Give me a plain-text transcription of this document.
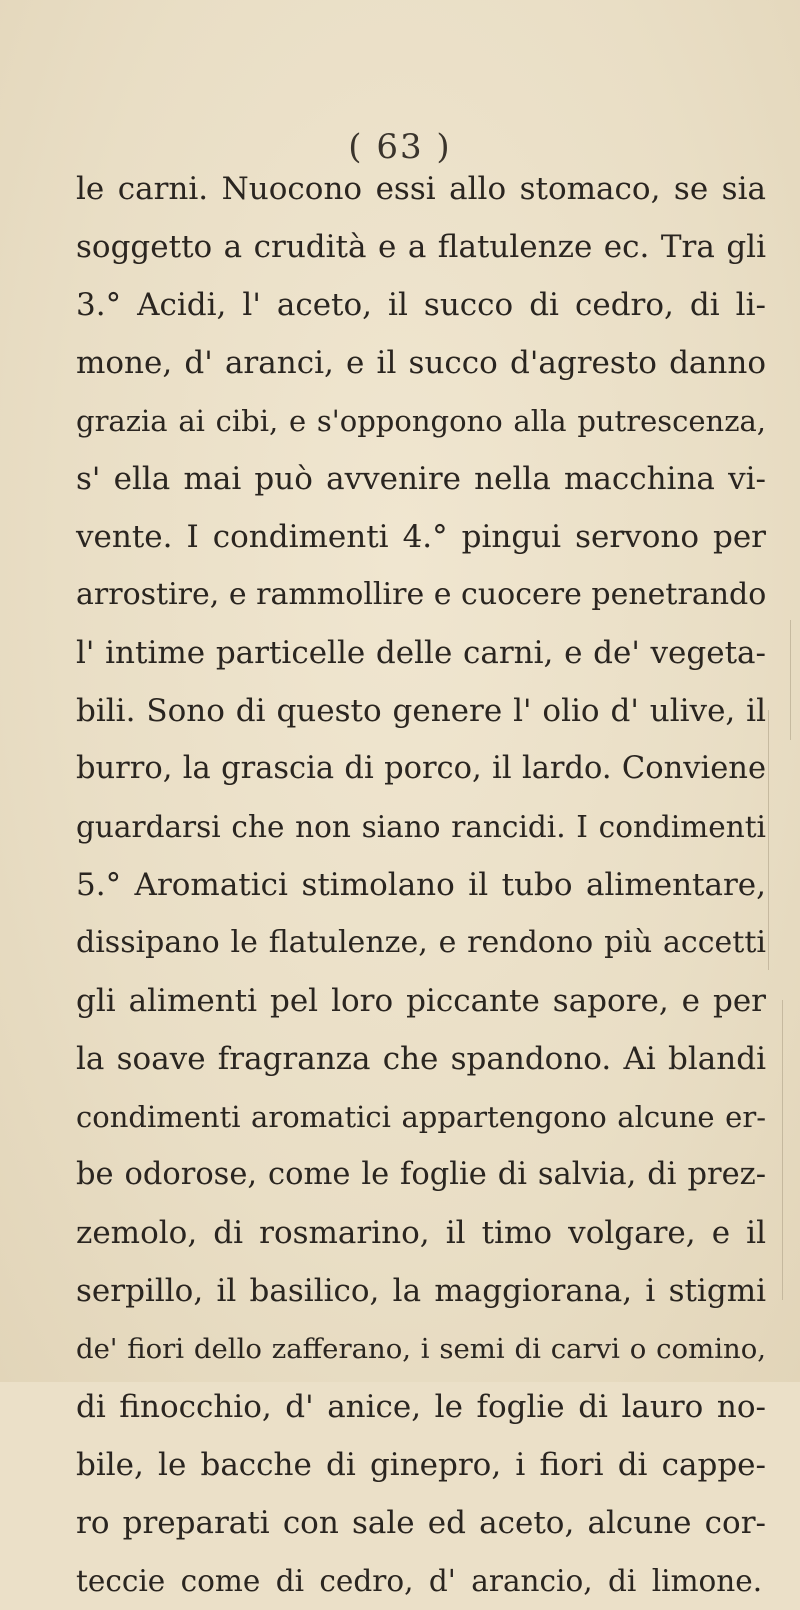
( 63 )
le carni. Nuocono essi allo stomaco, se sia
soggetto a crudità e a flatulenze ec. Tra gli
3.° Acidi, l' aceto, il succo di cedro, di li-
mone, d' aranci, e il succo d'agresto danno
grazia ai cibi, e s'oppongono alla putrescenza,
s' ella mai può avvenire nella macchina vi-
vente. I condimenti 4.° pingui servono per
arrostire, e rammollire e cuocere penetrando
l' intime particelle delle carni, e de' vegeta-
bili. Sono di questo genere l' olio d' ulive, il
burro, la grascia di porco, il lardo. Conviene
guardarsi che non siano rancidi. I condimenti
5.° Aromatici stimolano il tubo alimentare,
dissipano le flatulenze, e rendono più accetti
gli alimenti pel loro piccante sapore, e per
la soave fragranza che spandono. Ai blandi
condimenti aromatici appartengono alcune er-
be odorose, come le foglie di salvia, di prez-
zemolo, di rosmarino, il timo volgare, e il
serpillo, il basilico, la maggiorana, i stigmi
de' fiori dello zafferano, i semi di carvi o comino,
di finocchio, d' anice, le foglie di lauro no-
bile, le bacche di ginepro, i fiori di cappe-
ro preparati con sale ed aceto, alcune cor-
teccie come di cedro, d' arancio, di limone.
